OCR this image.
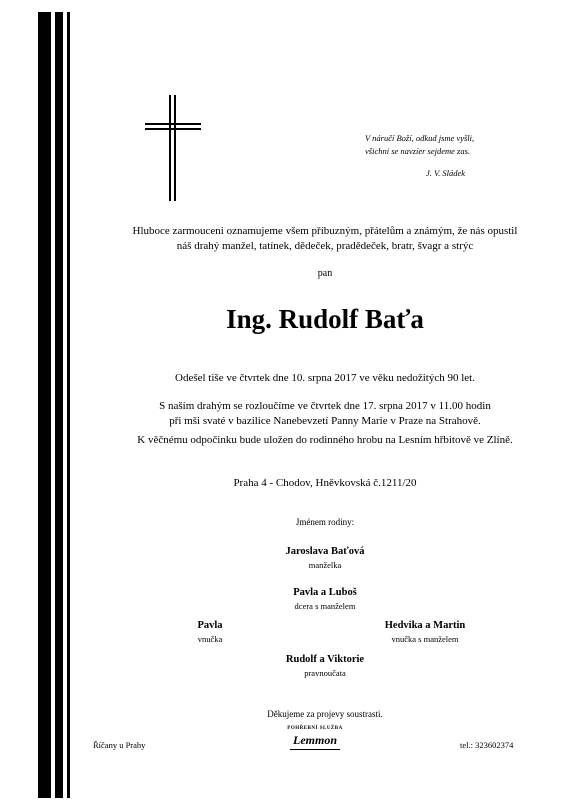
V náručí Boží, odkud jsme vyšli,
všichni se navzíer sejdeme zas.
J. V. Sládek
Hluboce zarmouceni oznamujeme všem příbuzným, přátelům a známým, že nás opustil
náš drahý manžel, tatínek, dědeček, pradědeček, bratr, švagr a strýc
pan
Ing. Rudolf Baťa
Odešel tiše ve čtvrtek dne 10. srpna 2017 ve věku nedožitých 90 let.
S naším drahým se rozloučíme ve čtvrtek dne 17. srpna 2017 v 11.00 hodin
při mši svaté v bazilice Nanebevzetí Panny Marie v Praze na Strahově.
K věčnému odpočinku bude uložen do rodinného hrobu na Lesním hřbitově ve Zlíně.
Praha 4 - Chodov, Hněvkovská č.1211/20
Jménem rodiny:
Jaroslava Baťová
manželka
Pavla a Luboš
dcera s manželem
Pavla
vnučka
Hedvika a Martin
vnučka s manželem
Rudolf a Viktorie
pravnoučata
Děkujeme za projevy soustrasti.
Říčany u Prahy	tel.: 323602374
POHŘEBNÍ SLUŽBA
Lemmon
